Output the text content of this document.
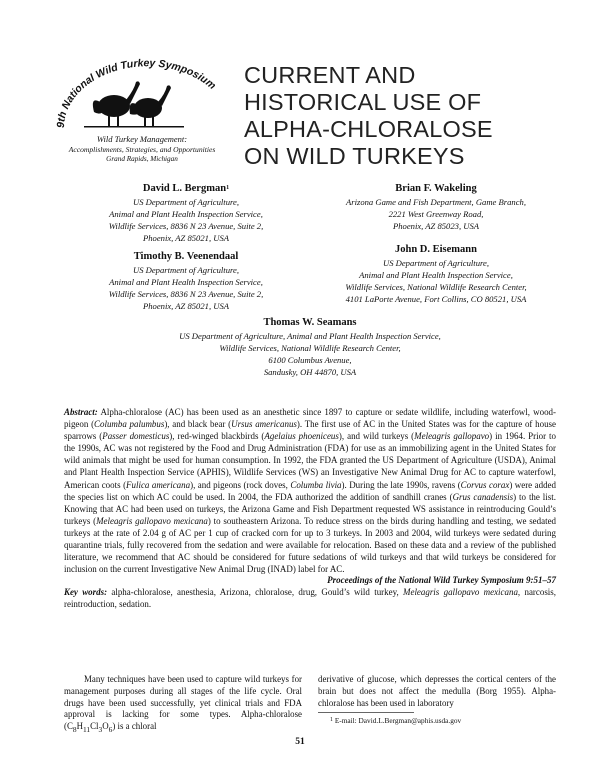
9th National Wild Turkey Symposium
Wild Turkey Management:
Accomplishments, Strategies, and Opportunities
Grand Rapids, Michigan
CURRENT AND
HISTORICAL USE OF
ALPHA-CHLORALOSE
ON WILD TURKEYS
David L. Bergman$^1$
US Department of Agriculture,
Animal and Plant Health Inspection Service,
Wildlife Services, 8836 N 23 Avenue, Suite 2,
Phoenix, AZ 85021, USA
Brian F. Wakeling
Arizona Game and Fish Department, Game Branch,
2221 West Greenway Road,
Phoenix, AZ 85023, USA
Timothy B. Veenendaal
US Department of Agriculture,
Animal and Plant Health Inspection Service,
Wildlife Services, 8836 N 23 Avenue, Suite 2,
Phoenix, AZ 85021, USA
John D. Eisemann
US Department of Agriculture,
Animal and Plant Health Inspection Service,
Wildlife Services, National Wildlife Research Center,
4101 LaPorte Avenue, Fort Collins, CO 80521, USA
Thomas W. Seamans
US Department of Agriculture, Animal and Plant Health Inspection Service,
Wildlife Services, National Wildlife Research Center,
6100 Columbus Avenue,
Sandusky, OH 44870, USA

Abstract: Alpha-chloralose (AC) has been used as an anesthetic since 1897 to capture or sedate wildlife, including waterfowl, wood-pigeon (Columba palumbus), and black bear (Ursus americanus). The first use of AC in the United States was for the capture of house sparrows (Passer domesticus), red-winged blackbirds (Agelaius phoeniceus), and wild turkeys (Meleagris gallopavo) in 1964. Prior to the 1990s, AC was not registered by the Food and Drug Administration (FDA) for use as an immobilizing agent in the United States for wild animals that might be used for human consumption. In 1992, the FDA granted the US Department of Agriculture (USDA), Animal and Plant Health Inspection Service (APHIS), Wildlife Services (WS) an Investigative New Animal Drug for AC to capture waterfowl, American coots (Fulica americana), and pigeons (rock doves, Columba livia). During the late 1990s, ravens (Corvus corax) were added the species list on which AC could be used. In 2004, the FDA authorized the addition of sandhill cranes (Grus canadensis) to the list. Knowing that AC had been used on turkeys, the Arizona Game and Fish Department requested WS assistance in reintroducing Gould’s turkeys (Meleagris gallopavo mexicana) to southeastern Arizona. To reduce stress on the birds during handling and testing, we sedated turkeys at the rate of 2.04 g of AC per 1 cup of cracked corn for up to 3 turkeys. In 2003 and 2004, wild turkeys were sedated during quarantine trials, fully recovered from the sedation and were available for relocation. Based on these data and a review of the published literature, we recommend that AC should be considered for future sedations of wild turkeys and that wild turkeys be considered for inclusion on the current Investigative New Animal Drug (INAD) label for AC.

Proceedings of the National Wild Turkey Symposium 9:51–57

Key words: alpha-chloralose, anesthesia, Arizona, chloralose, drug, Gould’s wild turkey, Meleagris gallopavo mexicana, narcosis, reintroduction, sedation.

Many techniques have been used to capture wild turkeys for management purposes during all stages of the life cycle. Oral drugs have been used successfully, yet clinical trials and FDA approval is lacking for some types. Alpha-chloralose $(C_8H_{11}Cl_3O_6)$ is a chloral

derivative of glucose, which depresses the cortical centers of the brain but does not affect the medulla (Borg 1955). Alpha-chloralose has been used in laboratory

$^1$ E-mail: David.L.Bergman@aphis.usda.gov

51
